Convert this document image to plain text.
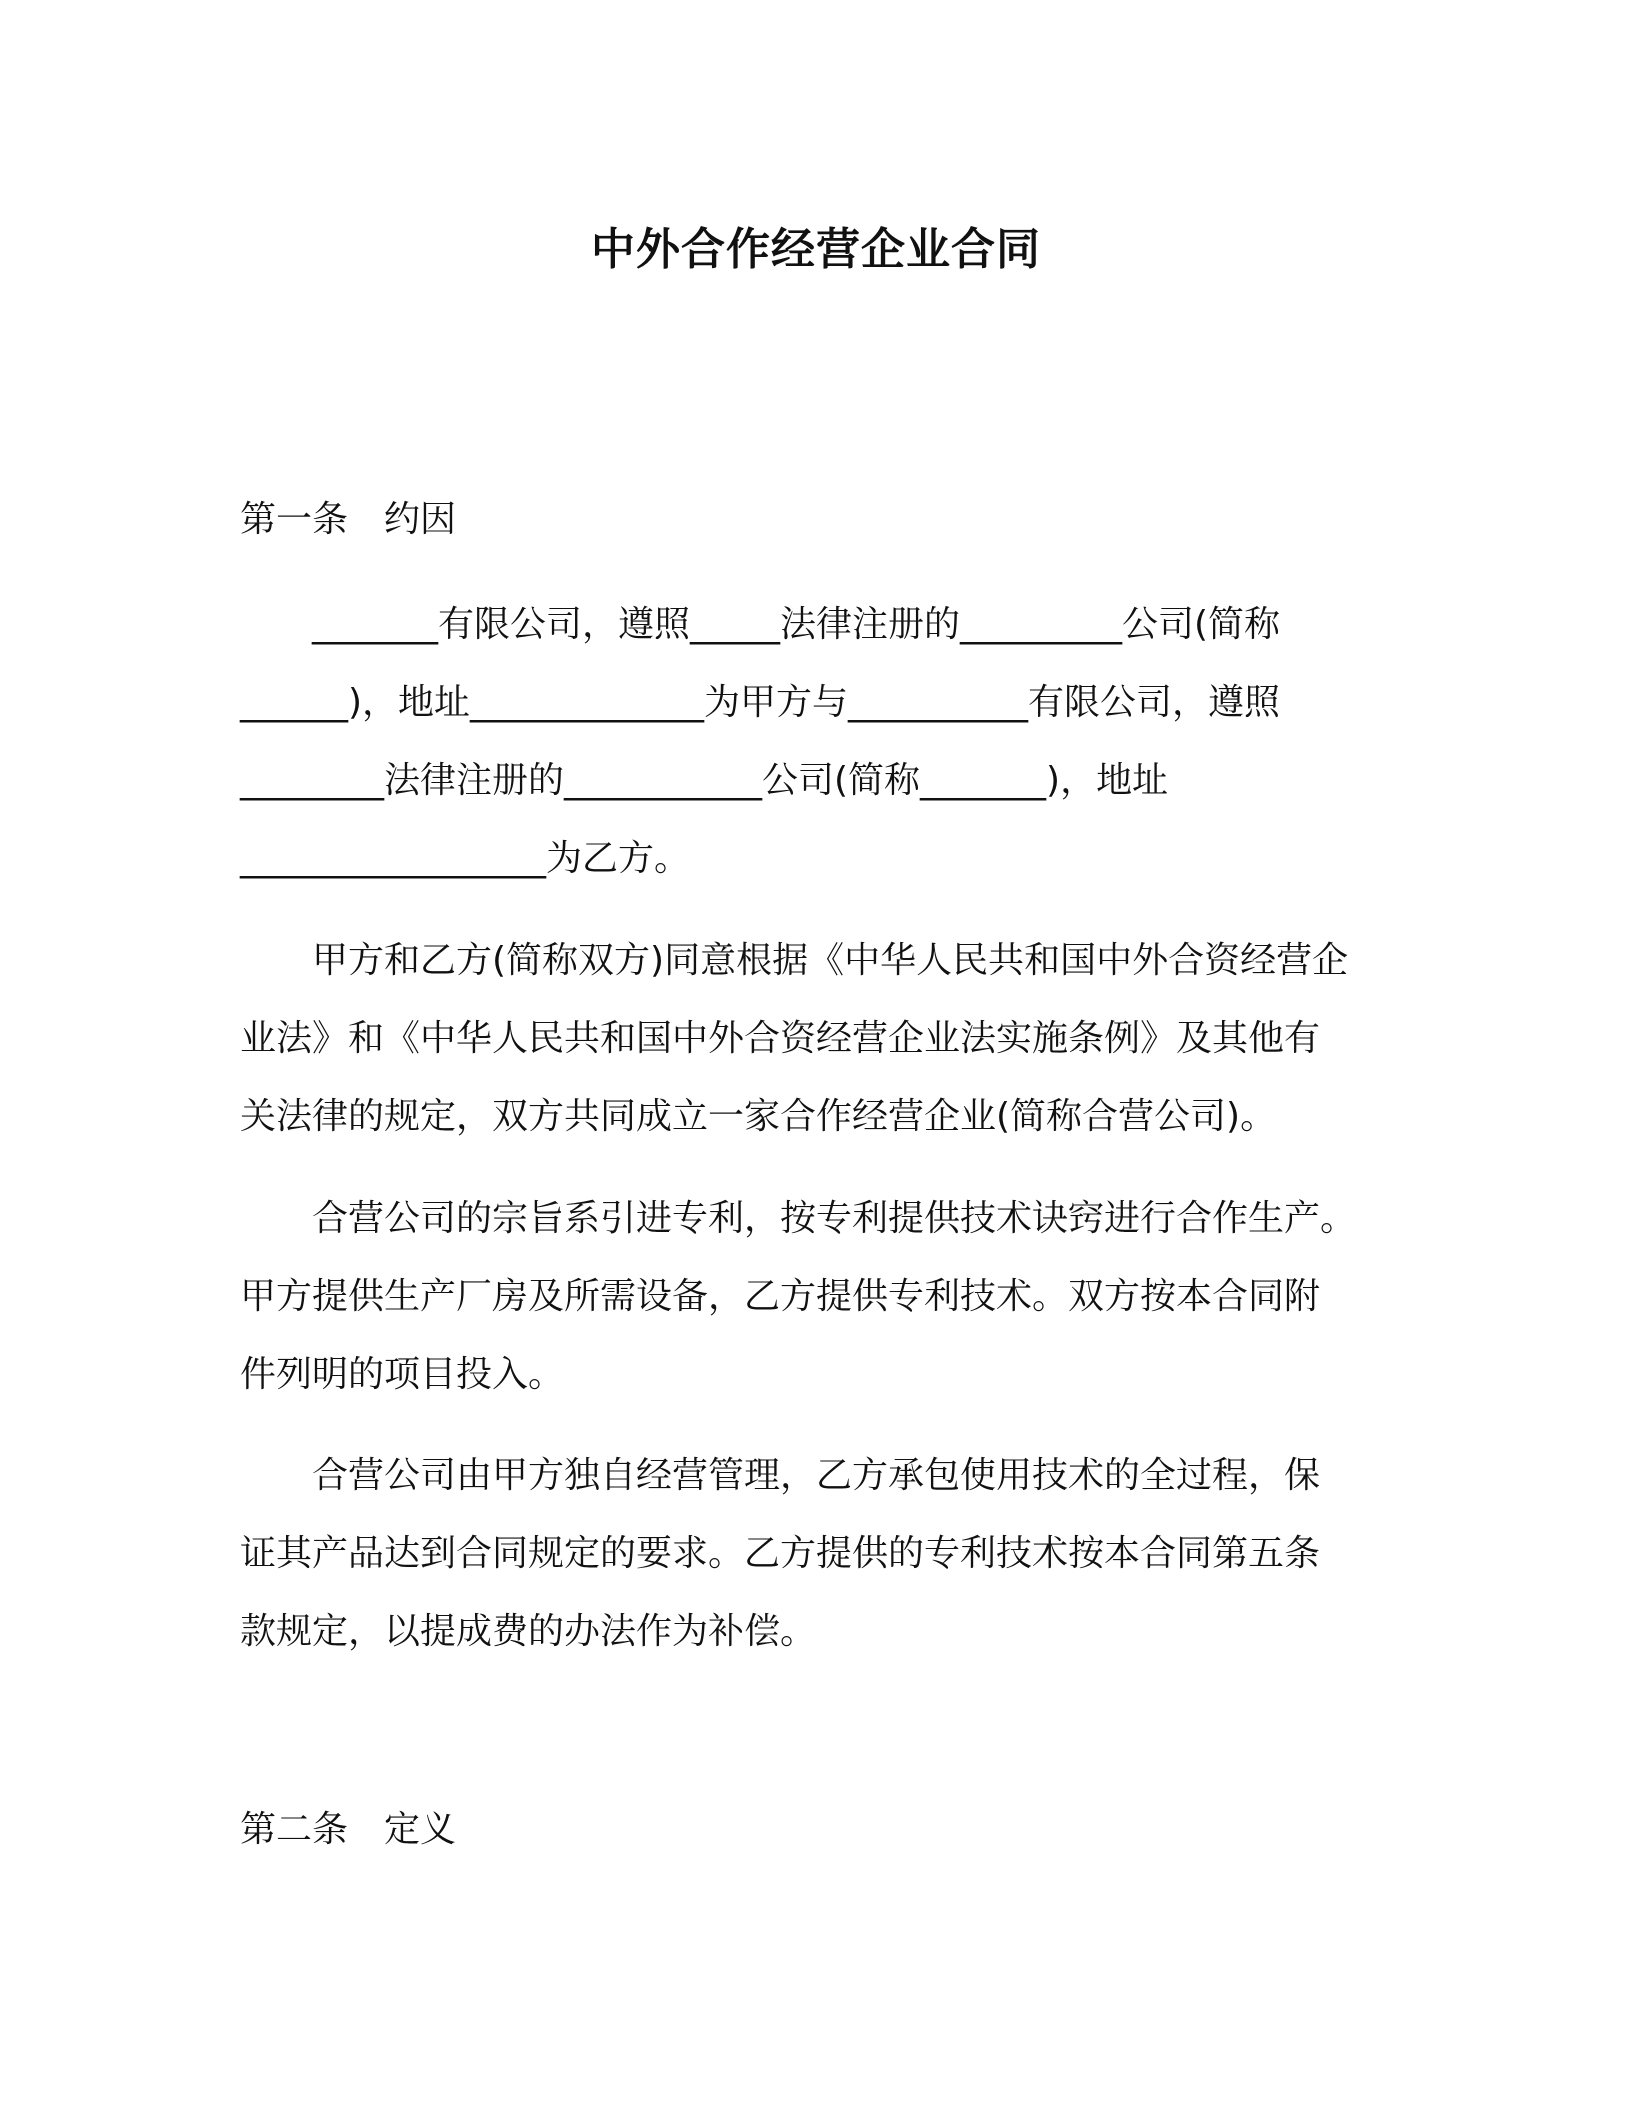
中外合作经营企业合同
第一条　约因
　　_______有限公司，遵照_____法律注册的_________公司(简称
______)，地址_____________为甲方与__________有限公司，遵照
________法律注册的___________公司(简称_______)，地址
_________________为乙方。
　　甲方和乙方(简称双方)同意根据《中华人民共和国中外合资经营企
业法》和《中华人民共和国中外合资经营企业法实施条例》及其他有
关法律的规定，双方共同成立一家合作经营企业(简称合营公司)。
　　合营公司的宗旨系引进专利，按专利提供技术诀窍进行合作生产。
甲方提供生产厂房及所需设备，乙方提供专利技术。双方按本合同附
件列明的项目投入。
　　合营公司由甲方独自经营管理，乙方承包使用技术的全过程，保
证其产品达到合同规定的要求。乙方提供的专利技术按本合同第五条
款规定，以提成费的办法作为补偿。
第二条　定义
